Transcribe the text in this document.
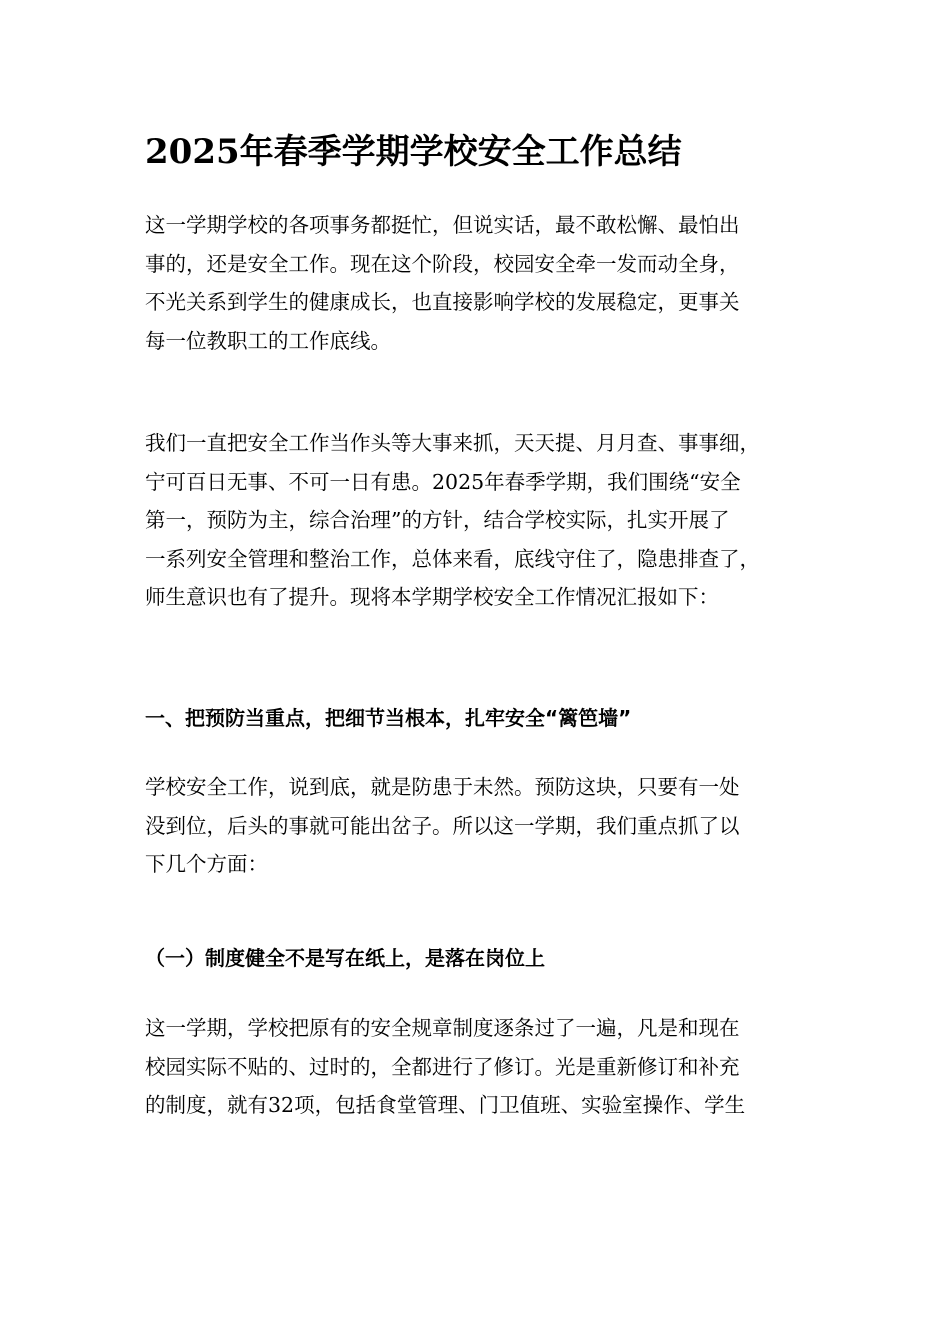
2025年春季学期学校安全工作总结
这一学期学校的各项事务都挺忙，但说实话，最不敢松懈、最怕出
事的，还是安全工作。现在这个阶段，校园安全牵一发而动全身，
不光关系到学生的健康成长，也直接影响学校的发展稳定，更事关
每一位教职工的工作底线。
我们一直把安全工作当作头等大事来抓，天天提、月月查、事事细，
宁可百日无事、不可一日有患。2025年春季学期，我们围绕“安全
第一，预防为主，综合治理”的方针，结合学校实际，扎实开展了
一系列安全管理和整治工作，总体来看，底线守住了，隐患排查了，
师生意识也有了提升。现将本学期学校安全工作情况汇报如下：
一、把预防当重点，把细节当根本，扎牢安全“篱笆墙”
学校安全工作，说到底，就是防患于未然。预防这块，只要有一处
没到位，后头的事就可能出岔子。所以这一学期，我们重点抓了以
下几个方面：
（一）制度健全不是写在纸上，是落在岗位上
这一学期，学校把原有的安全规章制度逐条过了一遍，凡是和现在
校园实际不贴的、过时的，全都进行了修订。光是重新修订和补充
的制度，就有32项，包括食堂管理、门卫值班、实验室操作、学生
